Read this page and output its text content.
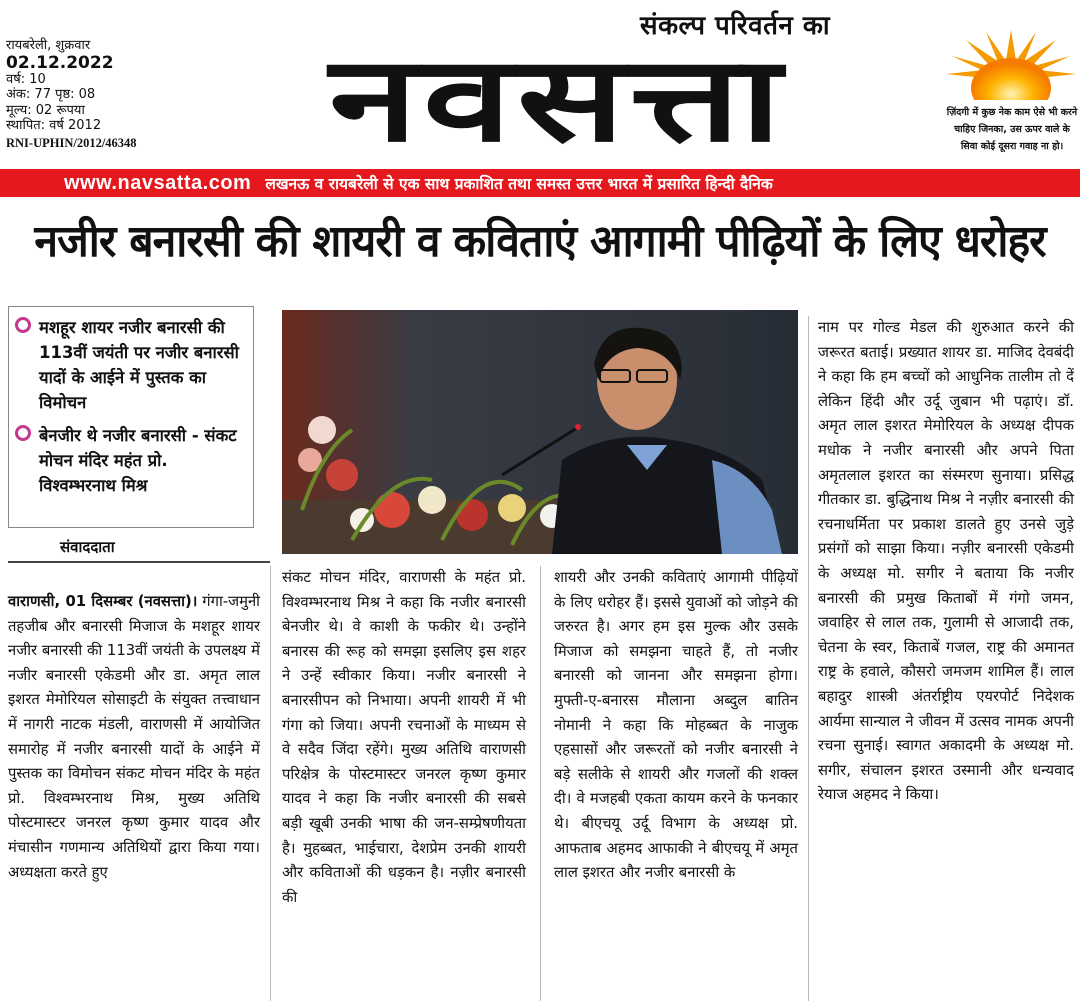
संकल्प परिवर्तन का
रायबरेली, शुक्रवार
02.12.2022
वर्ष: 10
अंक: 77 पृष्ठ: 08
मूल्य: 02 रूपया
स्थापित: वर्ष 2012
RNI-UPHIN/2012/46348	नवसत्ता	ज़िंदगी में कुछ नेक काम ऐसे भी करने चाहिए जिनका, उस ऊपर वाले के सिवा कोई दूसरा गवाह ना हो।
www.navsatta.com लखनऊ व रायबरेली से एक साथ प्रकाशित तथा समस्त उत्तर भारत में प्रसारित हिन्दी दैनिक
नजीर बनारसी की शायरी व कविताएं आगामी पीढ़ियों के लिए धरोहर
मशहूर शायर नजीर बनारसी की 113वीं जयंती पर नजीर बनारसी यादों के आईने में पुस्तक का विमोचन
बेनजीर थे नजीर बनारसी - संकट मोचन मंदिर महंत प्रो. विश्वम्भरनाथ मिश्र
संवाददाता
वाराणसी, 01 दिसम्बर (नवसत्ता)। गंगा-जमुनी तहजीब और बनारसी मिजाज के मशहूर शायर नजीर बनारसी की 113वीं जयंती के उपलक्ष्य में नजीर बनारसी एकेडमी और डा. अमृत लाल इशरत मेमोरियल सोसाइटी के संयुक्त तत्त्वाधान में नागरी नाटक मंडली, वाराणसी में आयोजित समारोह में नजीर बनारसी यादों के आईने में पुस्तक का विमोचन संकट मोचन मंदिर के महंत प्रो. विश्वम्भरनाथ मिश्र, मुख्य अतिथि पोस्टमास्टर जनरल कृष्ण कुमार यादव और मंचासीन गणमान्य अतिथियों द्वारा किया गया। अध्यक्षता करते हुए
संकट मोचन मंदिर, वाराणसी के महंत प्रो. विश्वम्भरनाथ मिश्र ने कहा कि नजीर बनारसी बेनजीर थे। वे काशी के फकीर थे। उन्होंने बनारस की रूह को समझा इसलिए इस शहर ने उन्हें स्वीकार किया। नजीर बनारसी ने बनारसीपन को निभाया। अपनी शायरी में भी गंगा को जिया। अपनी रचनाओं के माध्यम से वे सदैव जिंदा रहेंगे। मुख्य अतिथि वाराणसी परिक्षेत्र के पोस्टमास्टर जनरल कृष्ण कुमार यादव ने कहा कि नजीर बनारसी की सबसे बड़ी खूबी उनकी भाषा की जन-सम्प्रेषणीयता है। मुहब्बत, भाईचारा, देशप्रेम उनकी शायरी और कविताओं की धड़कन है। नज़ीर बनारसी की
शायरी और उनकी कविताएं आगामी पीढ़ियों के लिए धरोहर हैं। इससे युवाओं को जोड़ने की जरुरत है। अगर हम इस मुल्क और उसके मिजाज को समझना चाहते हैं, तो नजीर बनारसी को जानना और समझना होगा। मुफ्ती-ए-बनारस मौलाना अब्दुल बातिन नोमानी ने कहा कि मोहब्बत के नाजुक एहसासों और जरूरतों को नजीर बनारसी ने बड़े सलीके से शायरी और गजलों की शक्ल दी। वे मजहबी एकता कायम करने के फनकार थे। बीएचयू उर्दू विभाग के अध्यक्ष प्रो. आफताब अहमद आफाकी ने बीएचयू में अमृत लाल इशरत और नजीर बनारसी के
नाम पर गोल्ड मेडल की शुरुआत करने की जरूरत बताई। प्रख्यात शायर डा. माजिद देवबंदी ने कहा कि हम बच्चों को आधुनिक तालीम तो दें लेकिन हिंदी और उर्दू जुबान भी पढ़ाएं। डॉ. अमृत लाल इशरत मेमोरियल के अध्यक्ष दीपक मधोक ने नजीर बनारसी और अपने पिता अमृतलाल इशरत का संस्मरण सुनाया। प्रसिद्ध गीतकार डा. बुद्धिनाथ मिश्र ने नज़ीर बनारसी की रचनाधर्मिता पर प्रकाश डालते हुए उनसे जुड़े प्रसंगों को साझा किया। नज़ीर बनारसी एकेडमी के अध्यक्ष मो. सगीर ने बताया कि नजीर बनारसी की प्रमुख किताबों में गंगो जमन, जवाहिर से लाल तक, गुलामी से आजादी तक, चेतना के स्वर, किताबें गजल, राष्ट्र की अमानत राष्ट्र के हवाले, कौसरो जमजम शामिल हैं। लाल बहादुर शास्त्री अंतर्राष्ट्रीय एयरपोर्ट निदेशक आर्यमा सान्याल ने जीवन में उत्सव नामक अपनी रचना सुनाई। स्वागत अकादमी के अध्यक्ष मो. सगीर, संचालन इशरत उस्मानी और धन्यवाद रेयाज अहमद ने किया।
